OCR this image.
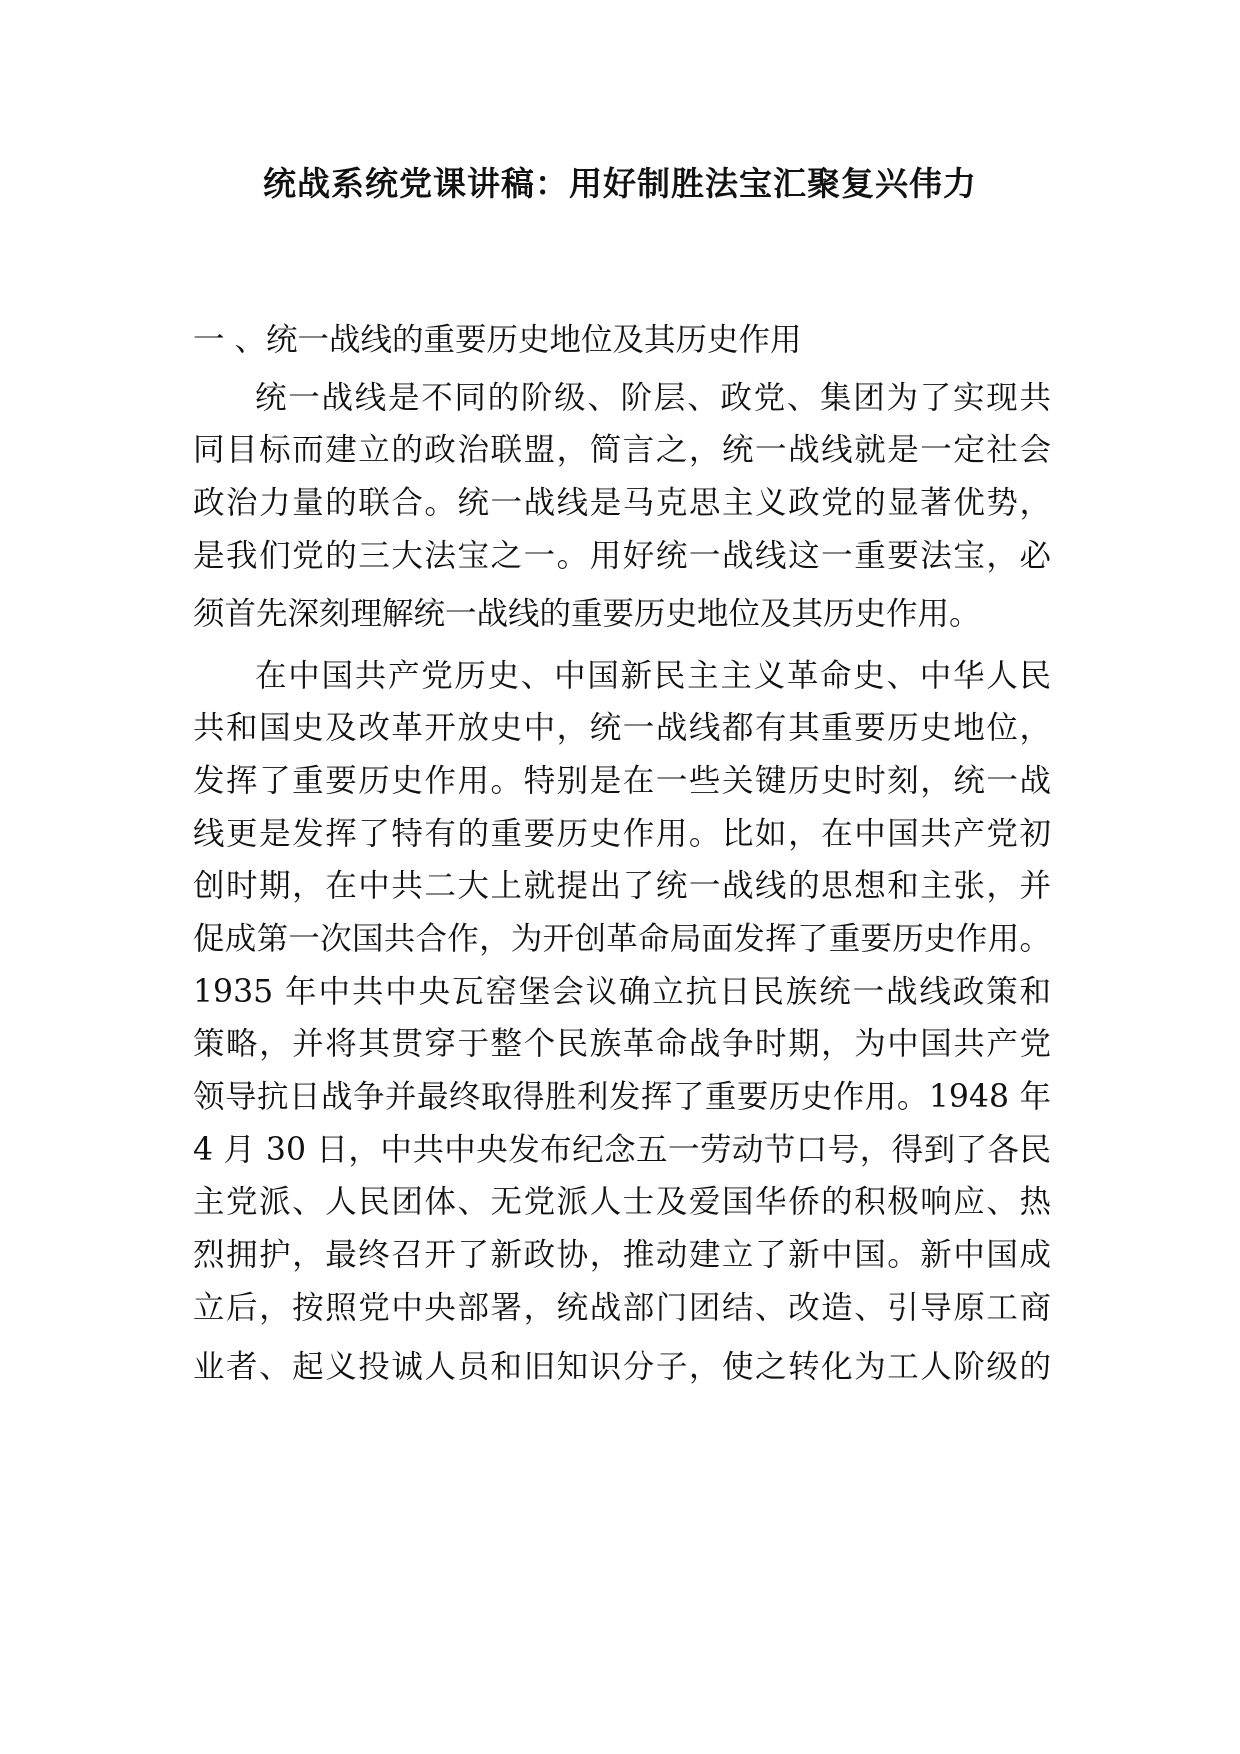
统战系统党课讲稿：用好制胜法宝汇聚复兴伟力

一 、统一战线的重要历史地位及其历史作用

统一战线是不同的阶级、阶层、政党、集团为了实现共

同目标而建立的政治联盟，简言之，统一战线就是一定社会

政治力量的联合。统一战线是马克思主义政党的显著优势，

是我们党的三大法宝之一。用好统一战线这一重要法宝，必

须首先深刻理解统一战线的重要历史地位及其历史作用。

在中国共产党历史、中国新民主主义革命史、中华人民

共和国史及改革开放史中，统一战线都有其重要历史地位，

发挥了重要历史作用。特别是在一些关键历史时刻，统一战

线更是发挥了特有的重要历史作用。比如，在中国共产党初

创时期，在中共二大上就提出了统一战线的思想和主张，并

促成第一次国共合作，为开创革命局面发挥了重要历史作用。

1935 年中共中央瓦窑堡会议确立抗日民族统一战线政策和

策略，并将其贯穿于整个民族革命战争时期，为中国共产党

领导抗日战争并最终取得胜利发挥了重要历史作用。1948 年

4 月 30 日，中共中央发布纪念五一劳动节口号，得到了各民

主党派、人民团体、无党派人士及爱国华侨的积极响应、热

烈拥护，最终召开了新政协，推动建立了新中国。新中国成

立后，按照党中央部署，统战部门团结、改造、引导原工商

业者、起义投诚人员和旧知识分子，使之转化为工人阶级的
